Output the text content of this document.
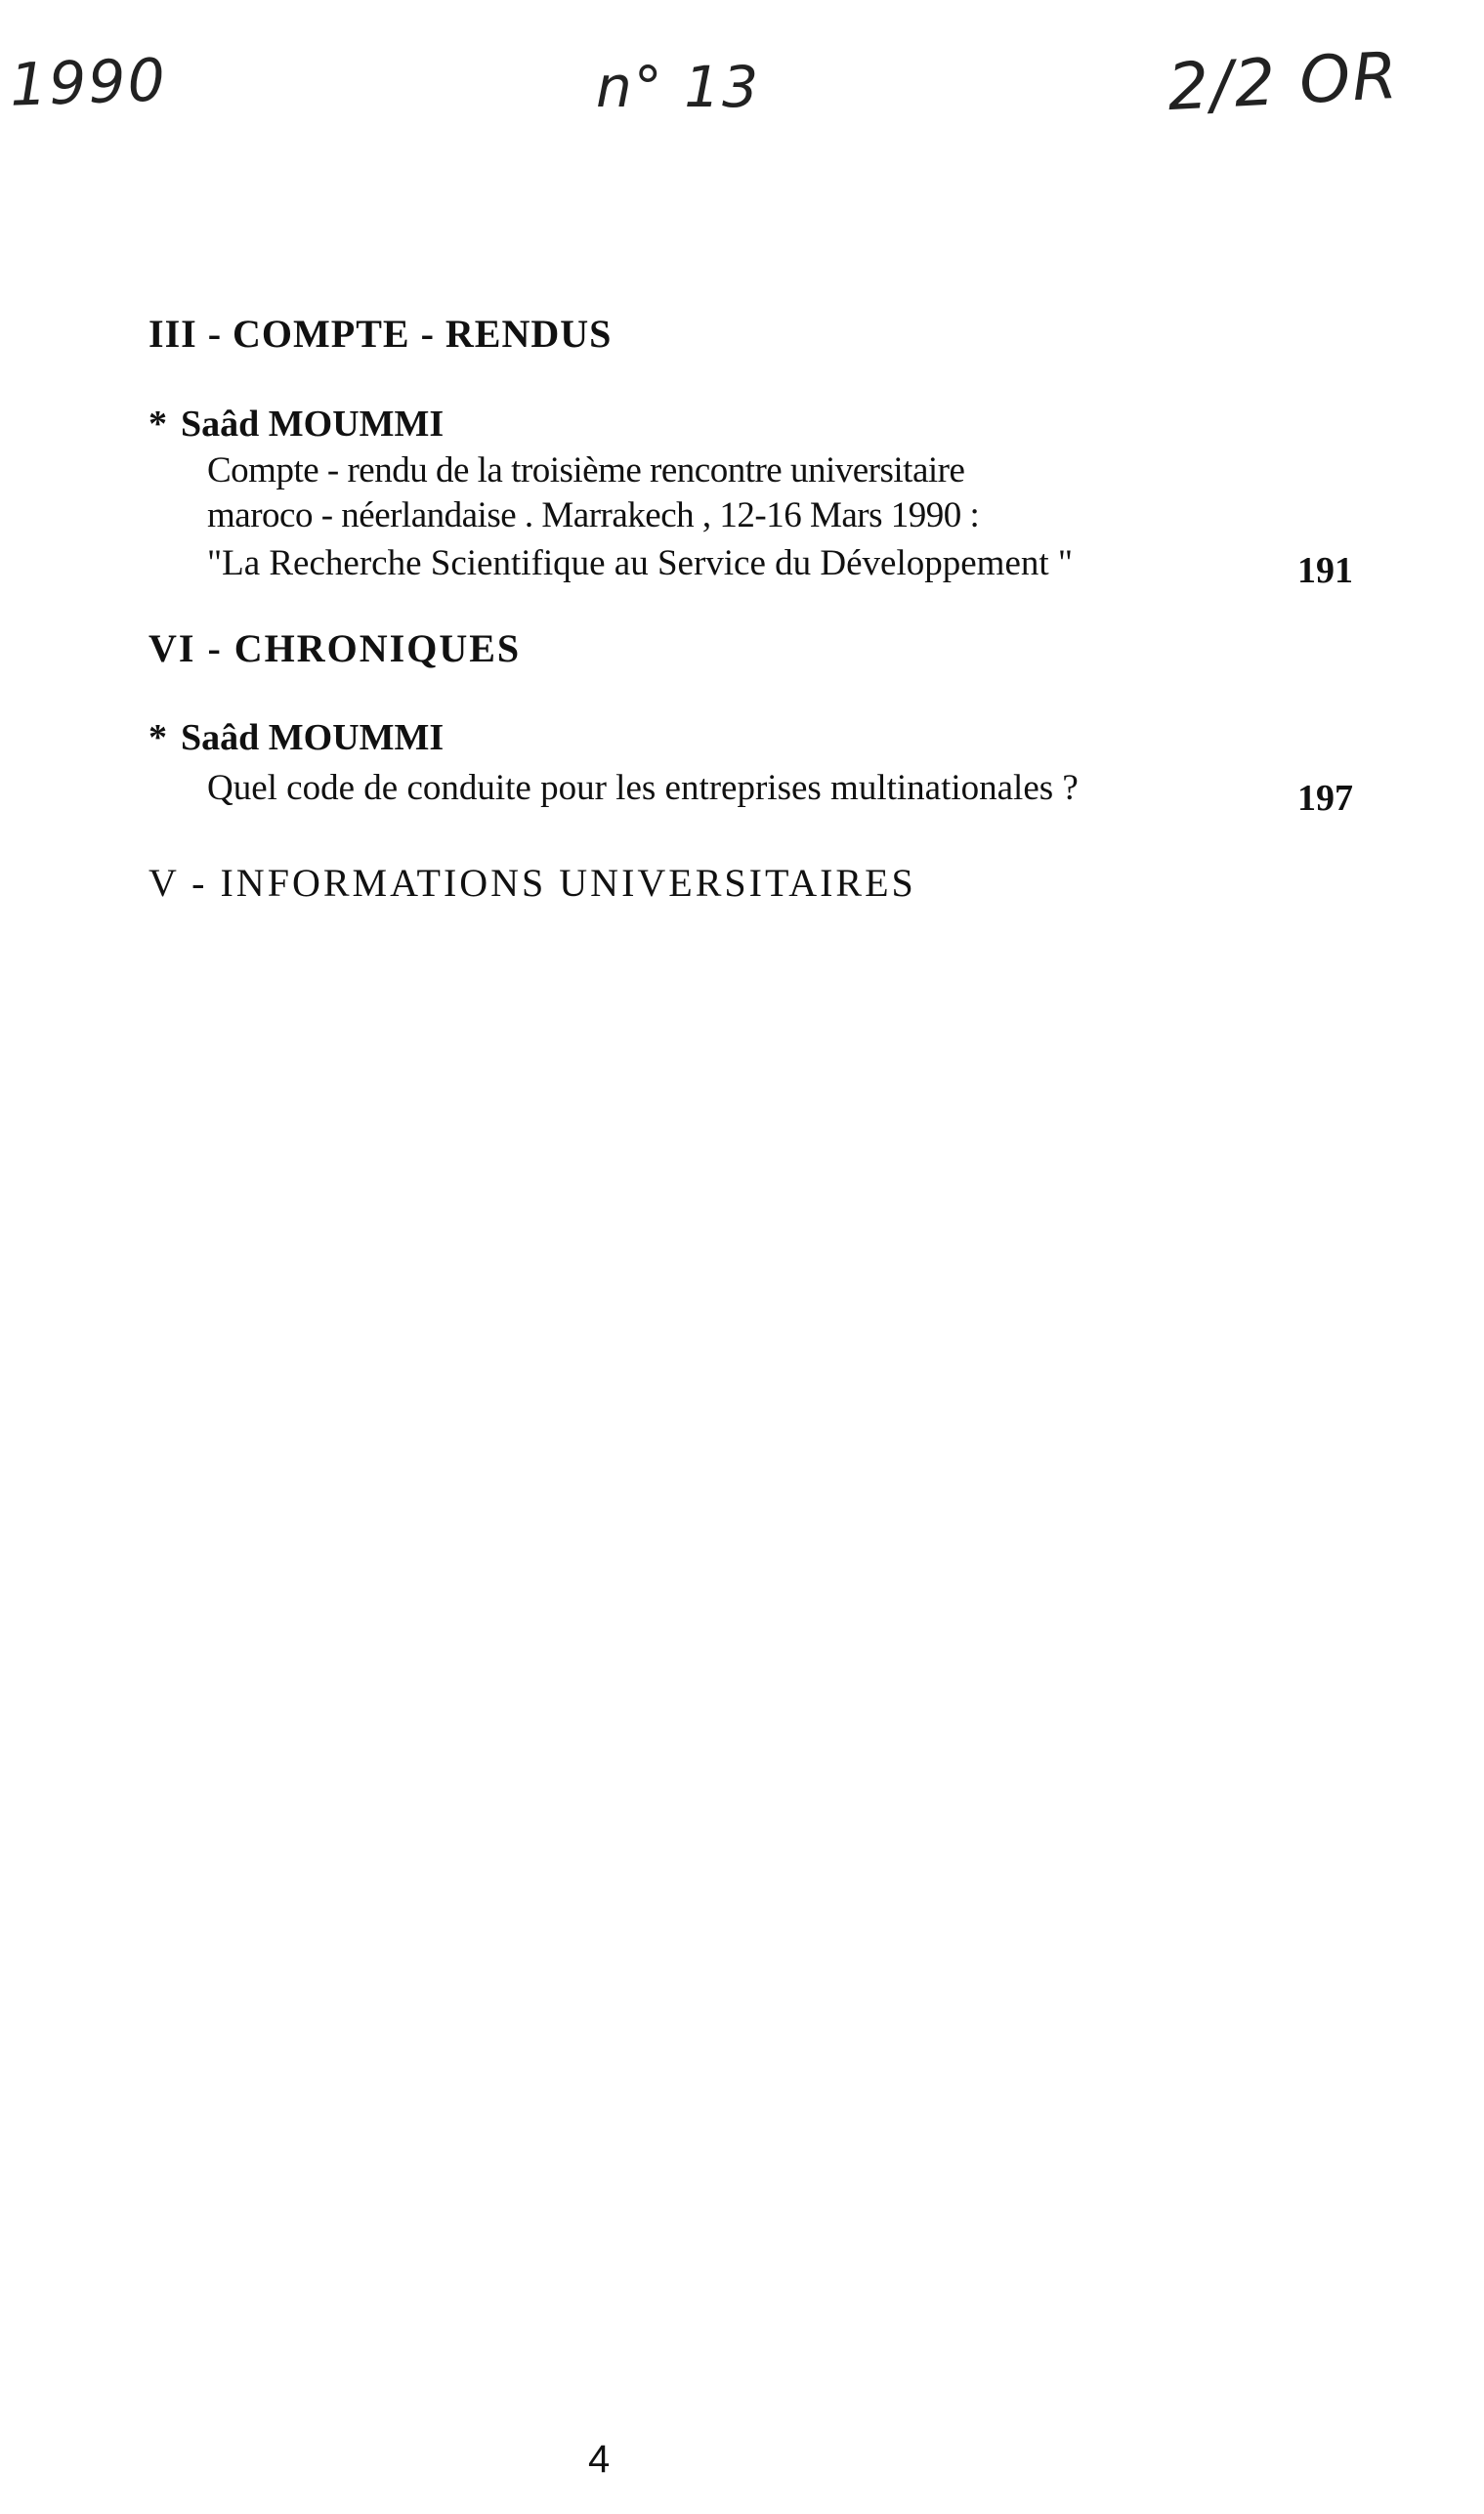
1990	n° 13	2/2 OR
III - COMPTE - RENDUS
* Saâd MOUMMI
Compte - rendu de la troisième rencontre universitaire
maroco - néerlandaise . Marrakech , 12-16 Mars 1990 :
"La Recherche Scientifique au Service du Développement "	191
VI - CHRONIQUES
* Saâd MOUMMI
Quel code de conduite pour les entreprises multinationales ?	197
V - INFORMATIONS UNIVERSITAIRES
4
